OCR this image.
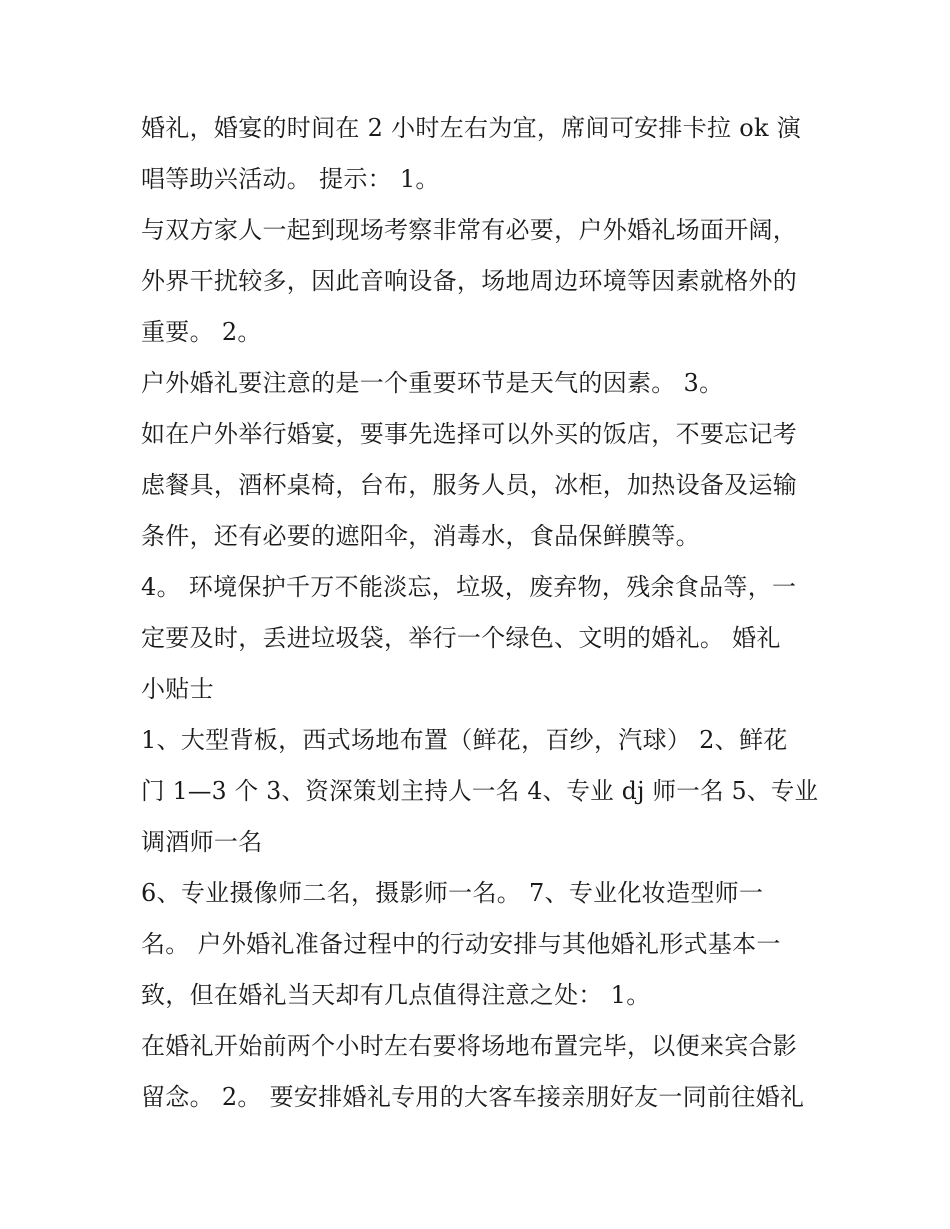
婚礼，婚宴的时间在 2 小时左右为宜，席间可安排卡拉 ok 演
唱等助兴活动。 提示： 1。
与双方家人一起到现场考察非常有必要，户外婚礼场面开阔，
外界干扰较多，因此音响设备，场地周边环境等因素就格外的
重要。 2。
户外婚礼要注意的是一个重要环节是天气的因素。 3。
如在户外举行婚宴，要事先选择可以外买的饭店，不要忘记考
虑餐具，酒杯桌椅，台布，服务人员，冰柜，加热设备及运输
条件，还有必要的遮阳伞，消毒水，食品保鲜膜等。
4。 环境保护千万不能淡忘，垃圾，废弃物，残余食品等，一
定要及时，丢进垃圾袋，举行一个绿色、文明的婚礼。 婚礼
小贴士
1、大型背板，西式场地布置（鲜花，百纱，汽球） 2、鲜花
门 1—3 个 3、资深策划主持人一名 4、专业 dj 师一名 5、专业
调酒师一名
6、专业摄像师二名，摄影师一名。 7、专业化妆造型师一
名。 户外婚礼准备过程中的行动安排与其他婚礼形式基本一
致，但在婚礼当天却有几点值得注意之处： 1。
在婚礼开始前两个小时左右要将场地布置完毕，以便来宾合影
留念。 2。 要安排婚礼专用的大客车接亲朋好友一同前往婚礼
